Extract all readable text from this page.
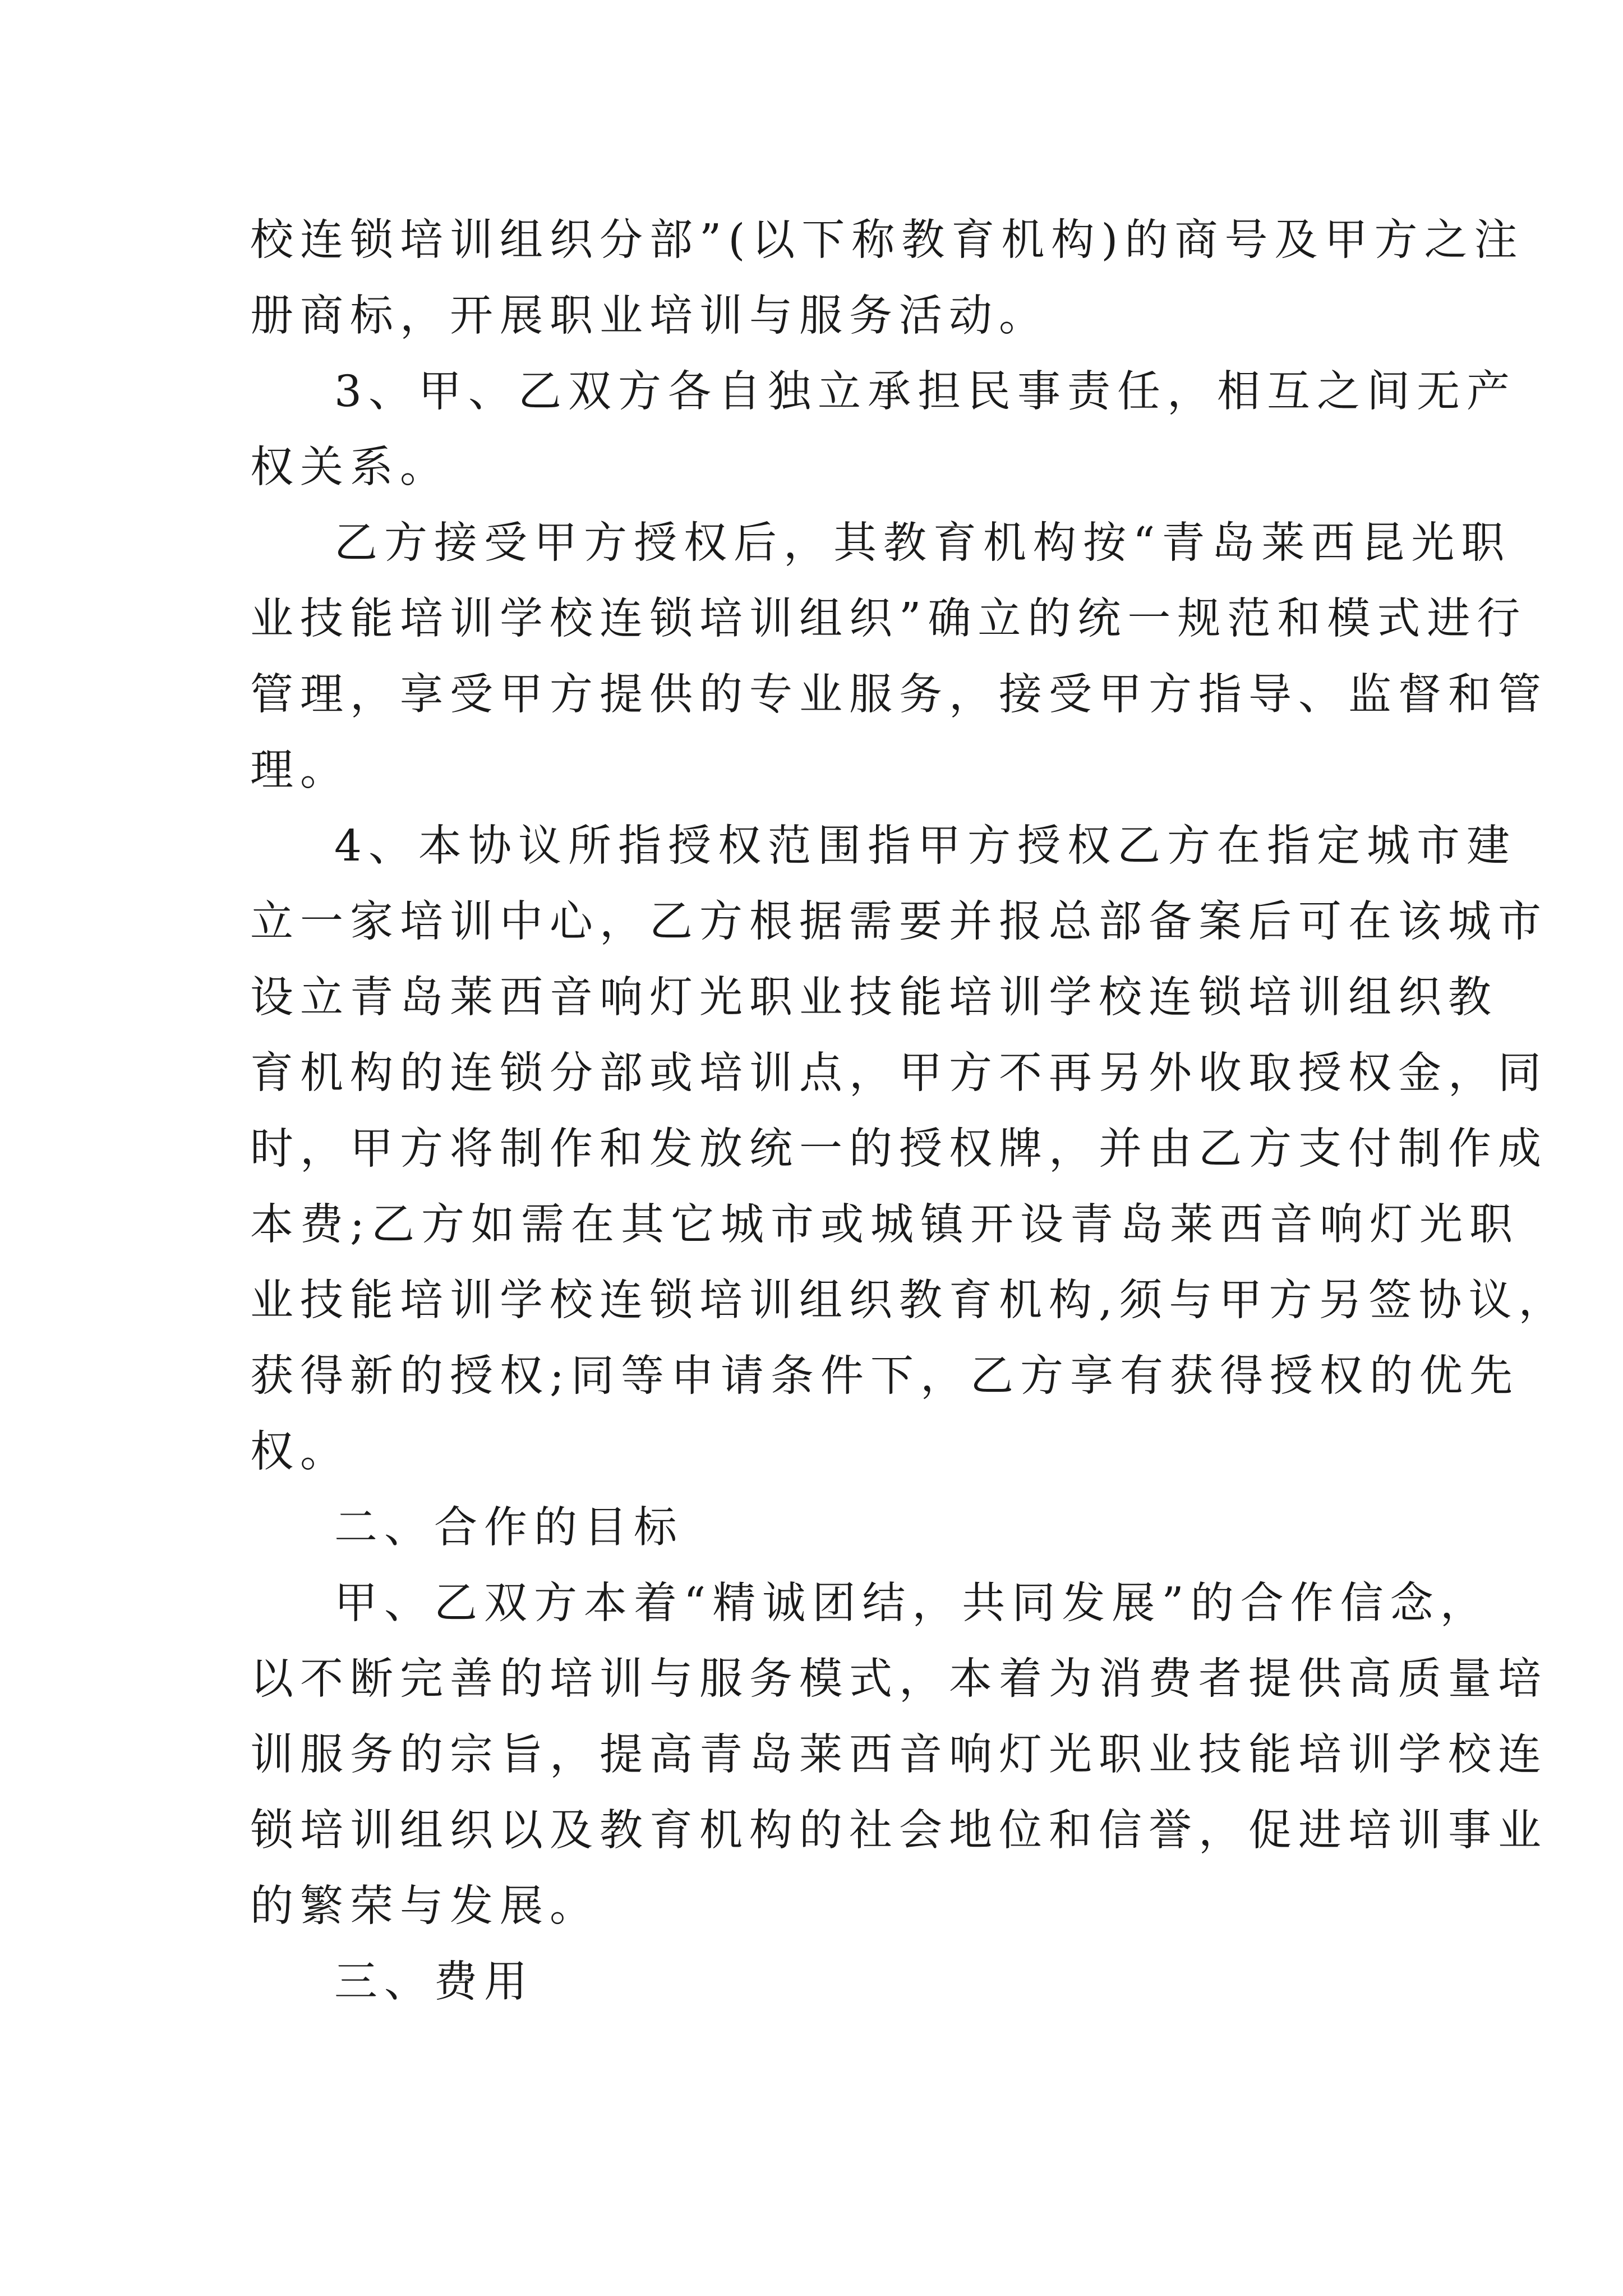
校连锁培训组织分部”(以下称教育机构)的商号及甲方之注
册商标，开展职业培训与服务活动。
3、甲、乙双方各自独立承担民事责任，相互之间无产
权关系。
乙方接受甲方授权后，其教育机构按“青岛莱西昆光职
业技能培训学校连锁培训组织”确立的统一规范和模式进行
管理，享受甲方提供的专业服务，接受甲方指导、监督和管
理。
4、本协议所指授权范围指甲方授权乙方在指定城市建
立一家培训中心，乙方根据需要并报总部备案后可在该城市
设立青岛莱西音响灯光职业技能培训学校连锁培训组织教
育机构的连锁分部或培训点，甲方不再另外收取授权金，同
时，甲方将制作和发放统一的授权牌，并由乙方支付制作成
本费;乙方如需在其它城市或城镇开设青岛莱西音响灯光职
业技能培训学校连锁培训组织教育机构,须与甲方另签协议，
获得新的授权;同等申请条件下，乙方享有获得授权的优先
权。
二、合作的目标
甲、乙双方本着“精诚团结，共同发展”的合作信念，
以不断完善的培训与服务模式，本着为消费者提供高质量培
训服务的宗旨，提高青岛莱西音响灯光职业技能培训学校连
锁培训组织以及教育机构的社会地位和信誉，促进培训事业
的繁荣与发展。
三、费用
